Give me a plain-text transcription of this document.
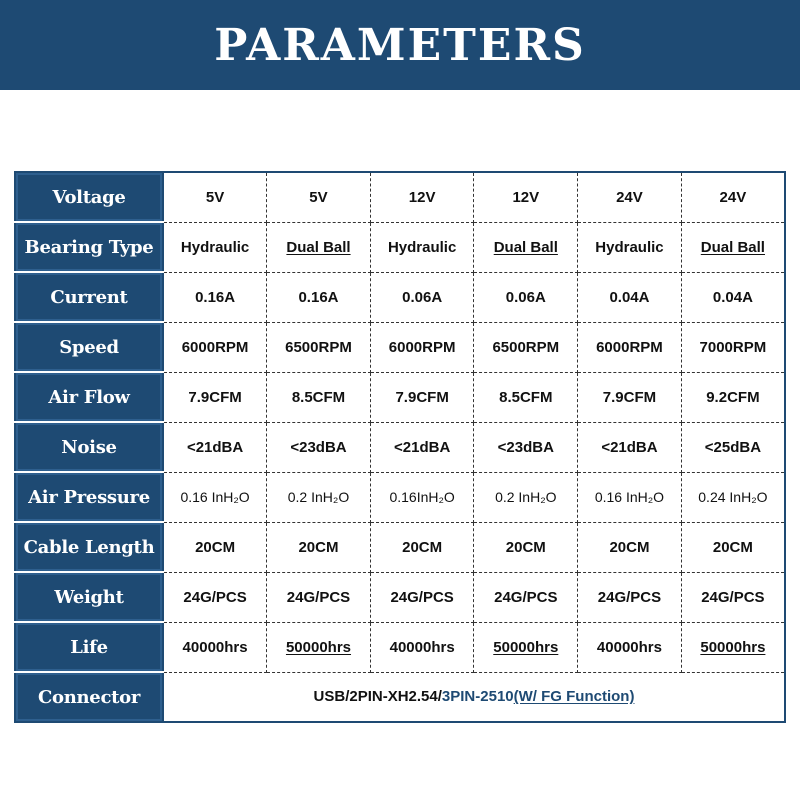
PARAMETERS
Voltage	5V	5V	12V	12V	24V	24V
Bearing Type	Hydraulic	Dual Ball	Hydraulic	Dual Ball	Hydraulic	Dual Ball
Current	0.16A	0.16A	0.06A	0.06A	0.04A	0.04A
Speed	6000RPM	6500RPM	6000RPM	6500RPM	6000RPM	7000RPM
Air Flow	7.9CFM	8.5CFM	7.9CFM	8.5CFM	7.9CFM	9.2CFM
Noise	<21dBA	<23dBA	<21dBA	<23dBA	<21dBA	<25dBA
Air Pressure	0.16 InH₂O	0.2 InH₂O	0.16InH₂O	0.2 InH₂O	0.16 InH₂O	0.24 InH₂O
Cable Length	20CM	20CM	20CM	20CM	20CM	20CM
Weight	24G/PCS	24G/PCS	24G/PCS	24G/PCS	24G/PCS	24G/PCS
Life	40000hrs	50000hrs	40000hrs	50000hrs	40000hrs	50000hrs
Connector	USB/2PIN-XH2.54/3PIN-2510(W/ FG Function)					
